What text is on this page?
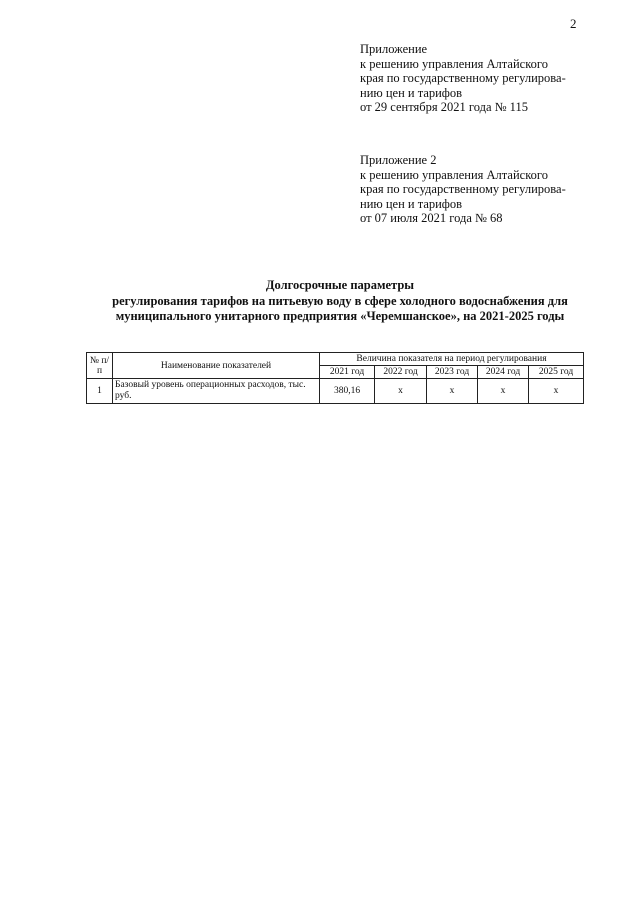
2
Приложение
к решению управления Алтайского
края по государственному регулирова-
нию цен и тарифов
от 29 сентября 2021 года № 115
Приложение 2
к решению управления Алтайского
края по государственному регулирова-
нию цен и тарифов
от 07 июля 2021 года № 68
Долгосрочные параметры
регулирования тарифов на питьевую воду в сфере холодного водоснабжения для
муниципального унитарного предприятия «Черемшанское», на 2021-2025 годы
№ п/п	Наименование показателей	Величина показателя на период регулирования				
		2021 год	2022 год	2023 год	2024 год	2025 год
1	Базовый уровень операционных расходов, тыс. руб.	380,16	х	х	х	х
